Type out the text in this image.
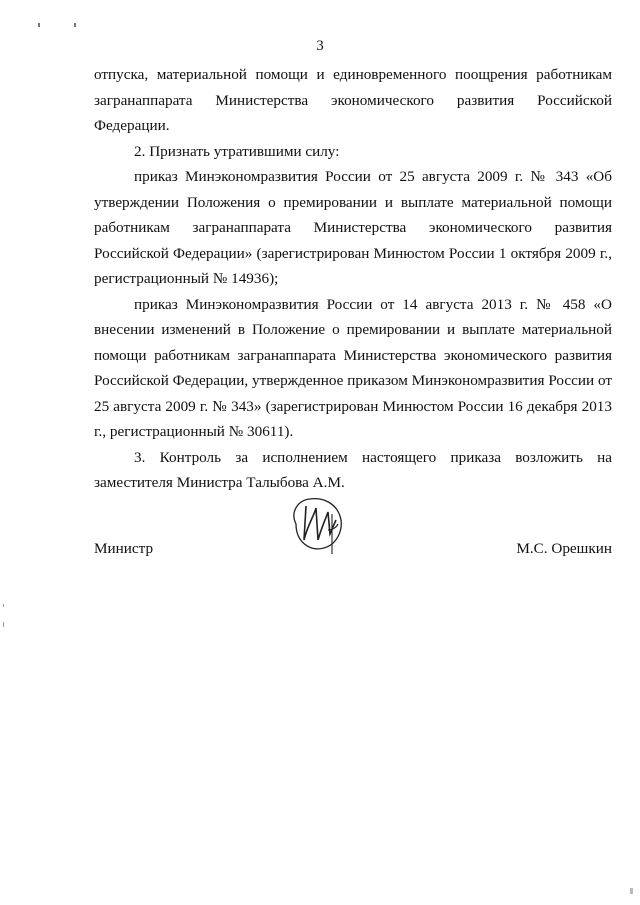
3

отпуска, материальной помощи и единовременного поощрения работникам загранаппарата Министерства экономического развития Российской Федерации.

2. Признать утратившими силу:

приказ Минэкономразвития России от 25 августа 2009 г. № 343 «Об утверждении Положения о премировании и выплате материальной помощи работникам загранаппарата Министерства экономического развития Российской Федерации» (зарегистрирован Минюстом России 1 октября 2009 г., регистрационный № 14936);

приказ Минэкономразвития России от 14 августа 2013 г. № 458 «О внесении изменений в Положение о премировании и выплате материальной помощи работникам загранаппарата Министерства экономического развития Российской Федерации, утвержденное приказом Минэкономразвития России от 25 августа 2009 г. № 343» (зарегистрирован Минюстом России 16 декабря 2013 г., регистрационный № 30611).

3. Контроль за исполнением настоящего приказа возложить на заместителя Министра Талыбова А.М.

Министр	М.С. Орешкин
